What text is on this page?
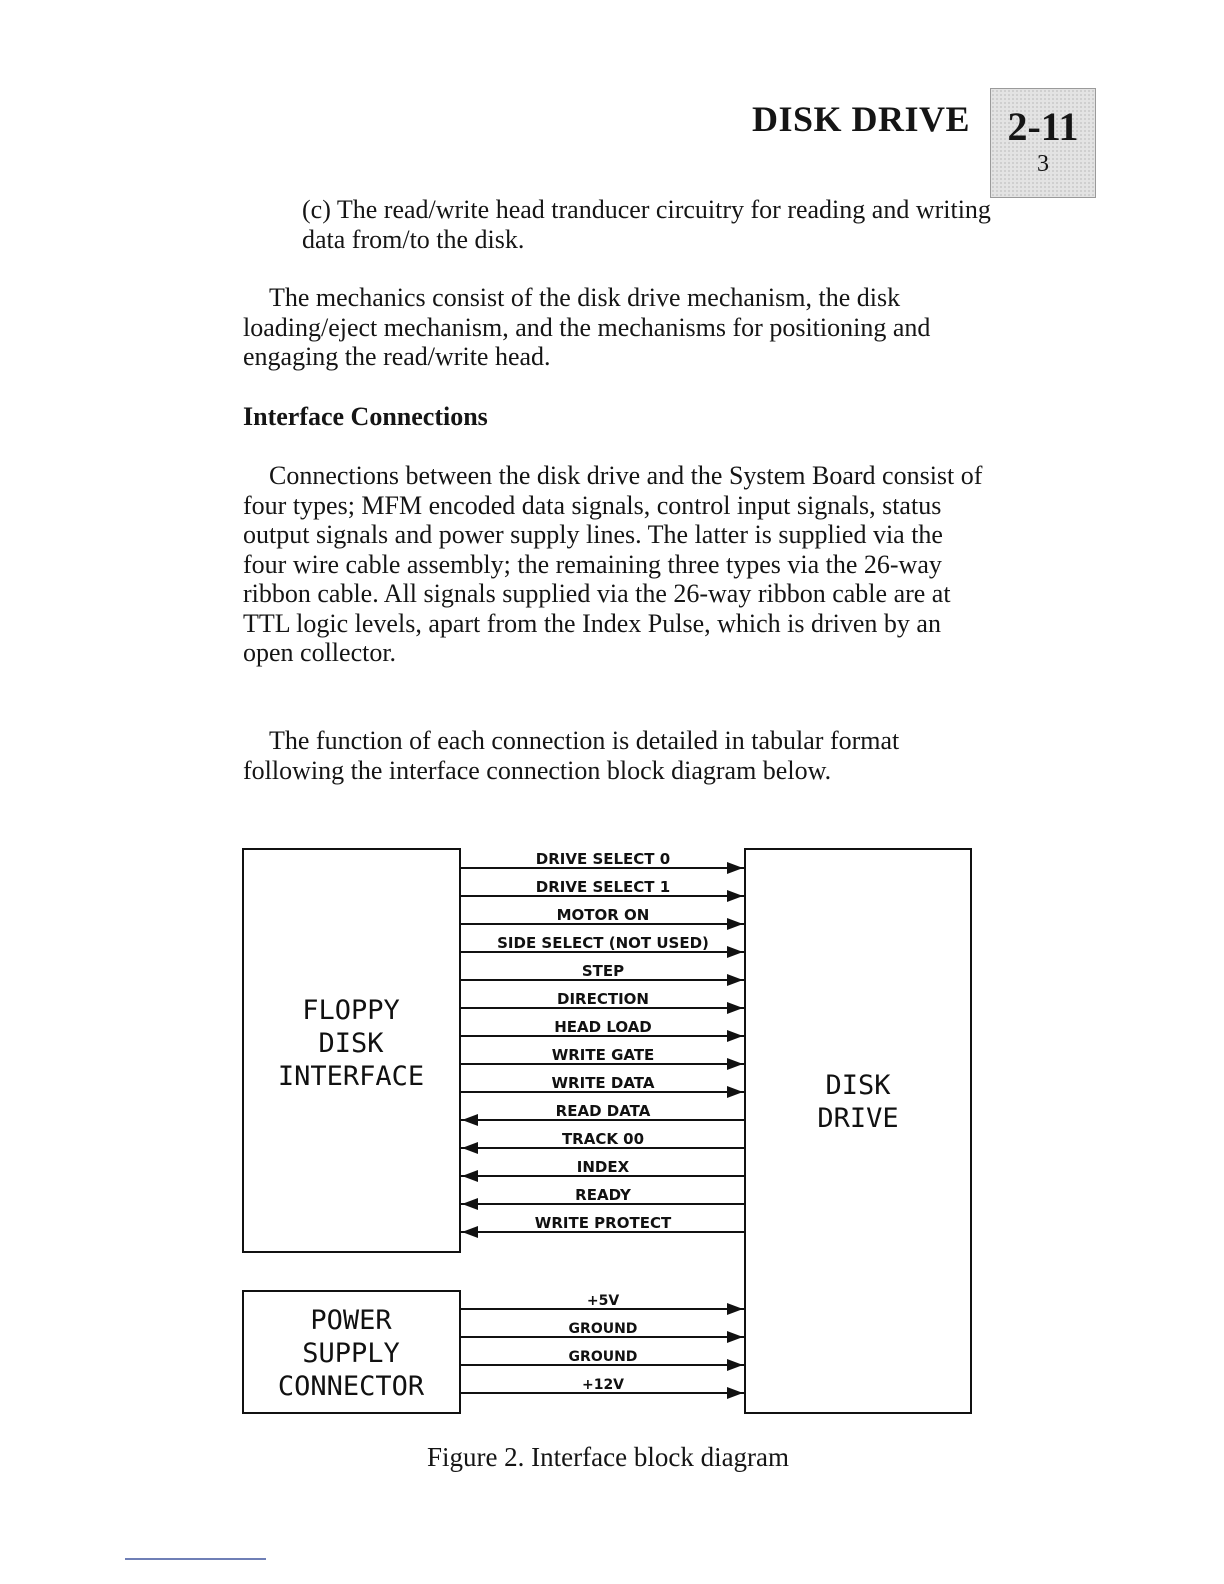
DISK DRIVE 2-11
3

(c) The read/write head tranducer circuitry for reading and writing data from/to the disk.

The mechanics consist of the disk drive mechanism, the disk loading/eject mechanism, and the mechanisms for positioning and engaging the read/write head.

Interface Connections

Connections between the disk drive and the System Board consist of four types; MFM encoded data signals, control input signals, status output signals and power supply lines. The latter is supplied via the four wire cable assembly; the remaining three types via the 26-way ribbon cable. All signals supplied via the 26-way ribbon cable are at TTL logic levels, apart from the Index Pulse, which is driven by an open collector.

The function of each connection is detailed in tabular format following the interface connection block diagram below.

FLOPPY
DISK
INTERFACE
POWER
SUPPLY
CONNECTOR
DISK
DRIVE
DRIVE SELECT 0
DRIVE SELECT 1
MOTOR ON
SIDE SELECT (NOT USED)
STEP
DIRECTION
HEAD LOAD
WRITE GATE
WRITE DATA
READ DATA
TRACK 00
INDEX
READY
WRITE PROTECT
+5V
GROUND
GROUND
+12V
Figure 2. Interface block diagram
